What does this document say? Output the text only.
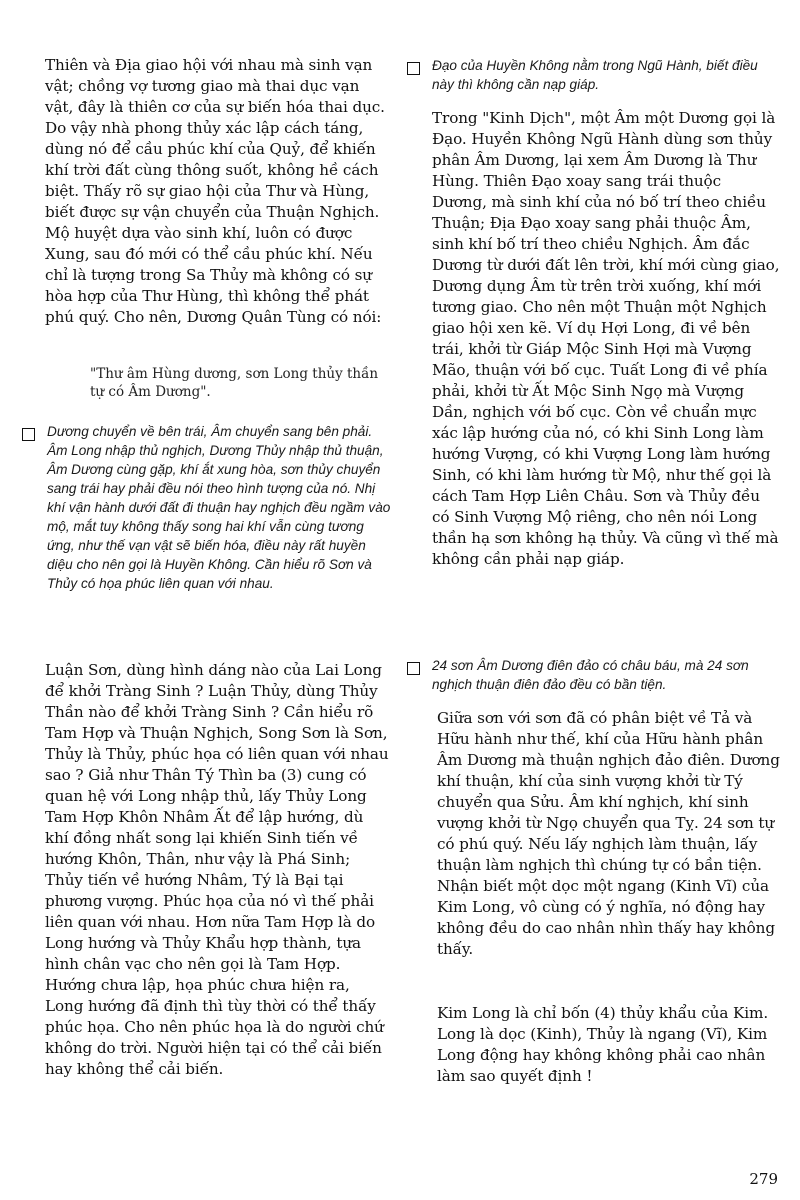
Thiên và Địa giao hội với nhau mà sinh vạn vật; chồng vợ tương giao mà thai dục vạn vật, đây là thiên cơ của sự biến hóa thai dục. Do vậy nhà phong thủy xác lập cách táng, dùng nó để cầu phúc khí của Quỷ, để khiến khí trời đất cùng thông suốt, không hề cách biệt. Thấy rõ sự giao hội của Thư và Hùng, biết được sự vận chuyển của Thuận Nghịch. Mộ huyệt dựa vào sinh khí, luôn có được Xung, sau đó mới có thể cầu phúc khí. Nếu chỉ là tượng trong Sa Thủy mà không có sự hòa hợp của Thư Hùng, thì không thể phát phú quý. Cho nên, Dương Quân Tùng có nói:

"Thư âm Hùng dương, sơn Long thủy thần tự có Âm Dương".

Dương chuyển về bên trái, Âm chuyển sang bên phải. Âm Long nhập thủ nghịch, Dương Thủy nhập thủ thuận, Âm Dương cùng gặp, khí ắt xung hòa, sơn thủy chuyển sang trái hay phải đều nói theo hình tượng của nó. Nhị khí vận hành dưới đất đi thuận hay nghịch đều ngầm vào mộ, mắt tuy không thấy song hai khí vẫn cùng tương ứng, như thế vạn vật sẽ biến hóa, điều này rất huyền diệu cho nên gọi là Huyền Không. Cần hiểu rõ Sơn và Thủy có họa phúc liên quan với nhau.

Luận Sơn, dùng hình dáng nào của Lai Long để khởi Tràng Sinh ? Luận Thủy, dùng Thủy Thần nào để khởi Tràng Sinh ? Cần hiểu rõ Tam Hợp và Thuận Nghịch, Song Sơn là Sơn, Thủy là Thủy, phúc họa có liên quan với nhau sao ? Giả như Thân Tý Thìn ba (3) cung có quan hệ với Long nhập thủ, lấy Thủy Long Tam Hợp Khôn Nhâm Ất để lập hướng, dù khí đồng nhất song lại khiến Sinh tiến về hướng Khôn, Thân, như vậy là Phá Sinh; Thủy tiến về hướng Nhâm, Tý là Bại tại phương vượng. Phúc họa của nó vì thế phải liên quan với nhau. Hơn nữa Tam Hợp là do Long hướng và Thủy Khẩu hợp thành, tựa hình chân vạc cho nên gọi là Tam Hợp. Hướng chưa lập, họa phúc chưa hiện ra, Long hướng đã định thì tùy thời có thể thấy phúc họa. Cho nên phúc họa là do người chứ không do trời. Người hiện tại có thể cải biến hay không thể cải biến.

Đạo của Huyền Không nằm trong Ngũ Hành, biết điều này thì không cần nạp giáp.

Trong "Kinh Dịch", một Âm một Dương gọi là Đạo. Huyền Không Ngũ Hành dùng sơn thủy phân Âm Dương, lại xem Âm Dương là Thư Hùng. Thiên Đạo xoay sang trái thuộc Dương, mà sinh khí của nó bố trí theo chiều Thuận; Địa Đạo xoay sang phải thuộc Âm, sinh khí bố trí theo chiều Nghịch. Âm đắc Dương từ dưới đất lên trời, khí mới cùng giao, Dương dụng Âm từ trên trời xuống, khí mới tương giao. Cho nên một Thuận một Nghịch giao hội xen kẽ. Ví dụ Hợi Long, đi về bên trái, khởi từ Giáp Mộc Sinh Hợi mà Vượng Mão, thuận với bố cục. Tuất Long đi về phía phải, khởi từ Ất Mộc Sinh Ngọ mà Vượng Dần, nghịch với bố cục. Còn về chuẩn mực xác lập hướng của nó, có khi Sinh Long làm hướng Vượng, có khi Vượng Long làm hướng Sinh, có khi làm hướng từ Mộ, như thế gọi là cách Tam Hợp Liên Châu. Sơn và Thủy đều có Sinh Vượng Mộ riêng, cho nên nói Long thần hạ sơn không hạ thủy. Và cũng vì thế mà không cần phải nạp giáp.

24 sơn Âm Dương điên đảo có châu báu, mà 24 sơn nghịch thuận điên đảo đều có bần tiện.

Giữa sơn với sơn đã có phân biệt về Tả và Hữu hành như thế, khí của Hữu hành phân Âm Dương mà thuận nghịch đảo điên. Dương khí thuận, khí của sinh vượng khởi từ Tý chuyển qua Sửu. Âm khí nghịch, khí sinh vượng khởi từ Ngọ chuyển qua Tỵ. 24 sơn tự có phú quý. Nếu lấy nghịch làm thuận, lấy thuận làm nghịch thì chúng tự có bần tiện. Nhận biết một dọc một ngang (Kinh Vĩ) của Kim Long, vô cùng có ý nghĩa, nó động hay không đều do cao nhân nhìn thấy hay không thấy.

Kim Long là chỉ bốn (4) thủy khẩu của Kim. Long là dọc (Kinh), Thủy là ngang (Vĩ), Kim Long động hay không không phải cao nhân làm sao quyết định !

279
